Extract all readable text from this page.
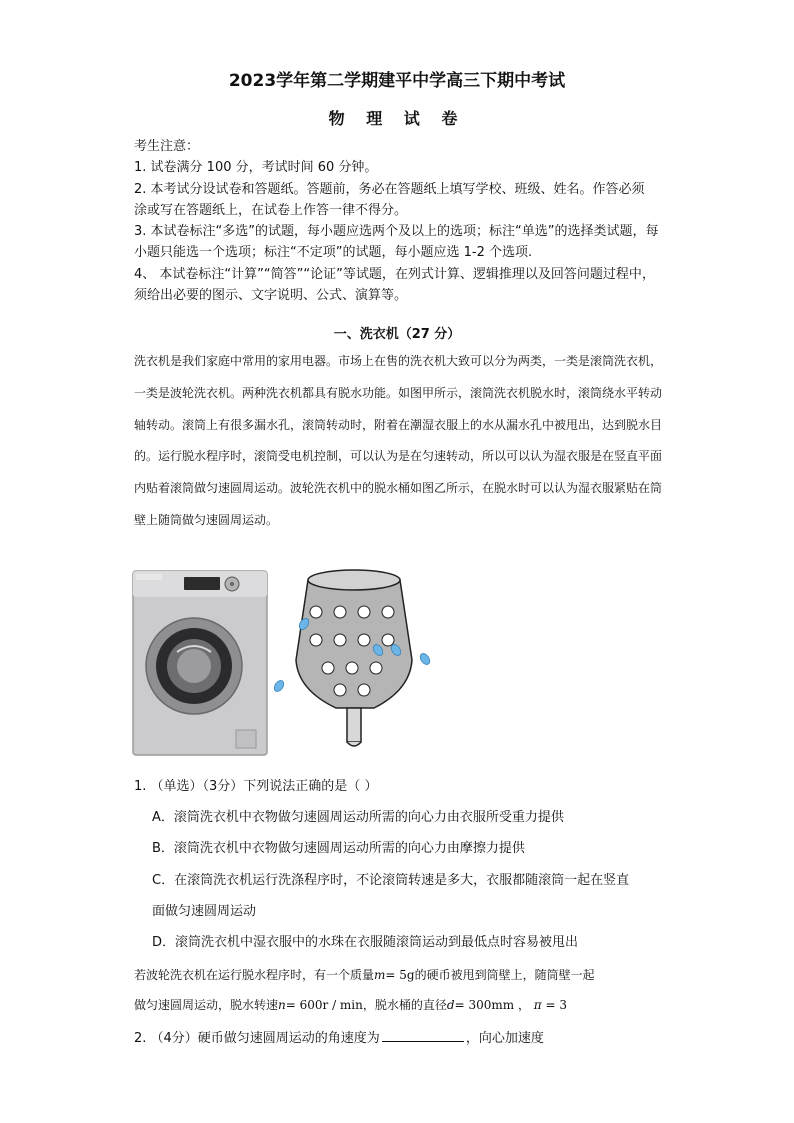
2023学年第二学期建平中学高三下期中考试
物 理 试 卷

考生注意：

1. 试卷满分 100 分，考试时间 60 分钟。

2. 本考试分设试卷和答题纸。答题前，务必在答题纸上填写学校、班级、姓名。作答必须 涂或写在答题纸上，在试卷上作答一律不得分。

3. 本试卷标注“多选”的试题，每小题应选两个及以上的选项；标注“单选”的选择类试题，每小题只能选一个选项；标注“不定项”的试题，每小题应选 1-2 个选项.

4、 本试卷标注“计算”“简答”“论证”等试题，在列式计算、逻辑推理以及回答问题过程中，须给出必要的图示、文字说明、公式、演算等。

一、洗衣机（27 分）
洗衣机是我们家庭中常用的家用电器。市场上在售的洗衣机大致可以分为两类，一类是滚筒洗衣机，一类是波轮洗衣机。两种洗衣机都具有脱水功能。如图甲所示，滚筒洗衣机脱水时，滚筒绕水平转动轴转动。滚筒上有很多漏水孔，滚筒转动时，附着在潮湿衣服上的水从漏水孔中被甩出，达到脱水目的。运行脱水程序时，滚筒受电机控制，可以认为是在匀速转动，所以可以认为湿衣服是在竖直平面内贴着滚筒做匀速圆周运动。波轮洗衣机中的脱水桶如图乙所示，在脱水时可以认为湿衣服紧贴在筒壁上随筒做匀速圆周运动。
1. （单选）（3分）下列说法正确的是（ ）
A．滚筒洗衣机中衣物做匀速圆周运动所需的向心力由衣服所受重力提供
B．滚筒洗衣机中衣物做匀速圆周运动所需的向心力由摩擦力提供
C．在滚筒洗衣机运行洗涤程序时，不论滚筒转速是多大，衣服都随滚筒一起在竖直
面做匀速圆周运动
D．滚筒洗衣机中湿衣服中的水珠在衣服随滚筒运动到最低点时容易被甩出
若波轮洗衣机在运行脱水程序时，有一个质量m= 5g的硬币被甩到筒壁上，随筒壁一起
做匀速圆周运动，脱水转速n= 600r / min，脱水桶的直径d= 300mm ， π = 3
2. （4分）硬币做匀速圆周运动的角速度为	，向心加速度
